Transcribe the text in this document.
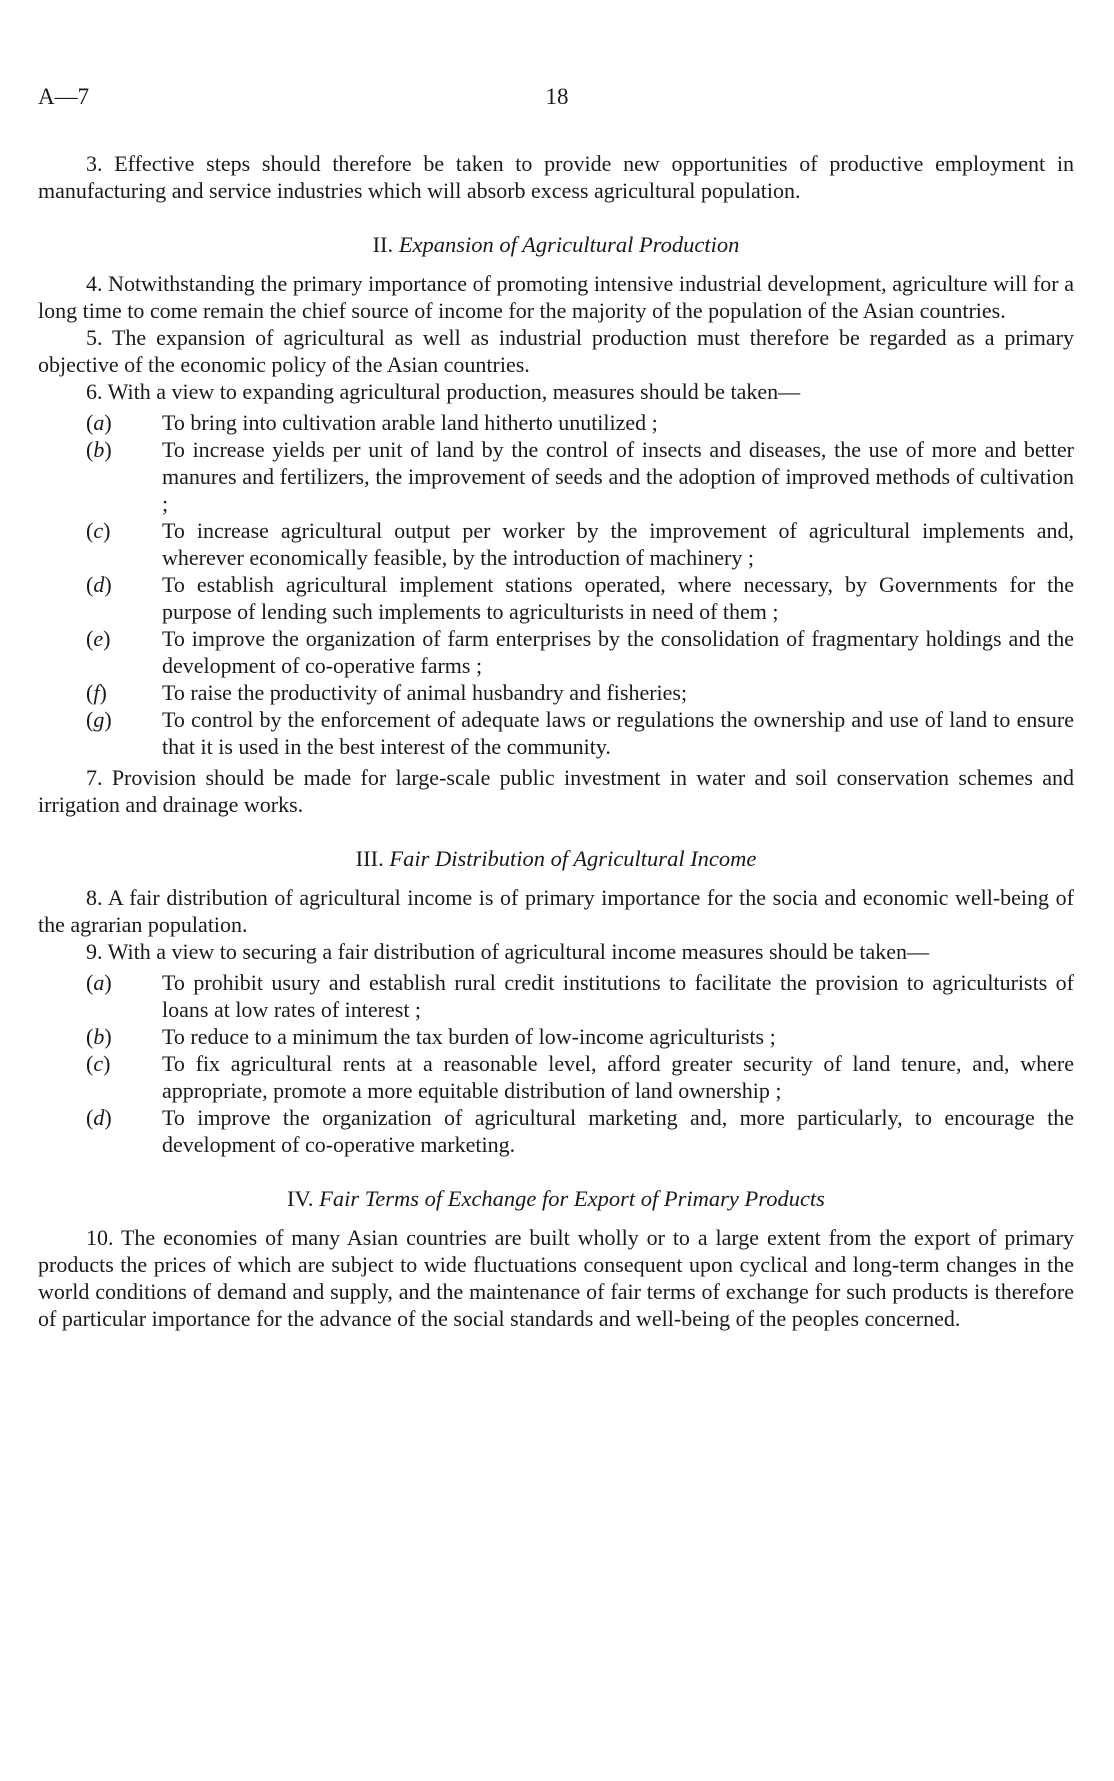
A—7	18

3. Effective steps should therefore be taken to provide new opportunities of productive employment in manufacturing and service industries which will absorb excess agricultural population.

II. Expansion of Agricultural Production

4. Notwithstanding the primary importance of promoting intensive industrial development, agriculture will for a long time to come remain the chief source of income for the majority of the population of the Asian countries.

5. The expansion of agricultural as well as industrial production must therefore be regarded as a primary objective of the economic policy of the Asian countries.

6. With a view to expanding agricultural production, measures should be taken—

(a) To bring into cultivation arable land hitherto unutilized ;
(b) To increase yields per unit of land by the control of insects and diseases, the use of more and better manures and fertilizers, the improvement of seeds and the adoption of improved methods of cultivation ;
(c) To increase agricultural output per worker by the improvement of agricultural implements and, wherever economically feasible, by the introduction of machinery ;
(d) To establish agricultural implement stations operated, where necessary, by Governments for the purpose of lending such implements to agriculturists in need of them ;
(e) To improve the organization of farm enterprises by the consolidation of fragmentary holdings and the development of co-operative farms ;
(f)	To raise the productivity of animal husbandry and fisheries;
(g) To control by the enforcement of adequate laws or regulations the ownership and use of land to ensure that it is used in the best interest of the community.

7. Provision should be made for large-scale public investment in water and soil conservation schemes and irrigation and drainage works.

III. Fair Distribution of Agricultural Income

8. A fair distribution of agricultural income is of primary importance for the socia and economic well-being of the agrarian population.

9. With a view to securing a fair distribution of agricultural income measures should be taken—

(a) To prohibit usury and establish rural credit institutions to facilitate the provision to agriculturists of loans at low rates of interest ;
(b) To reduce to a minimum the tax burden of low-income agriculturists ;
(c) To fix agricultural rents at a reasonable level, afford greater security of land tenure, and, where appropriate, promote a more equitable distribution of land ownership ;
(d) To improve the organization of agricultural marketing and, more particularly, to encourage the development of co-operative marketing.
IV. Fair Terms of Exchange for Export of Primary Products

10. The economies of many Asian countries are built wholly or to a large extent from the export of primary products the prices of which are subject to wide fluctuations consequent upon cyclical and long-term changes in the world conditions of demand and supply, and the maintenance of fair terms of exchange for such products is therefore of particular importance for the advance of the social standards and well-being of the peoples concerned.
